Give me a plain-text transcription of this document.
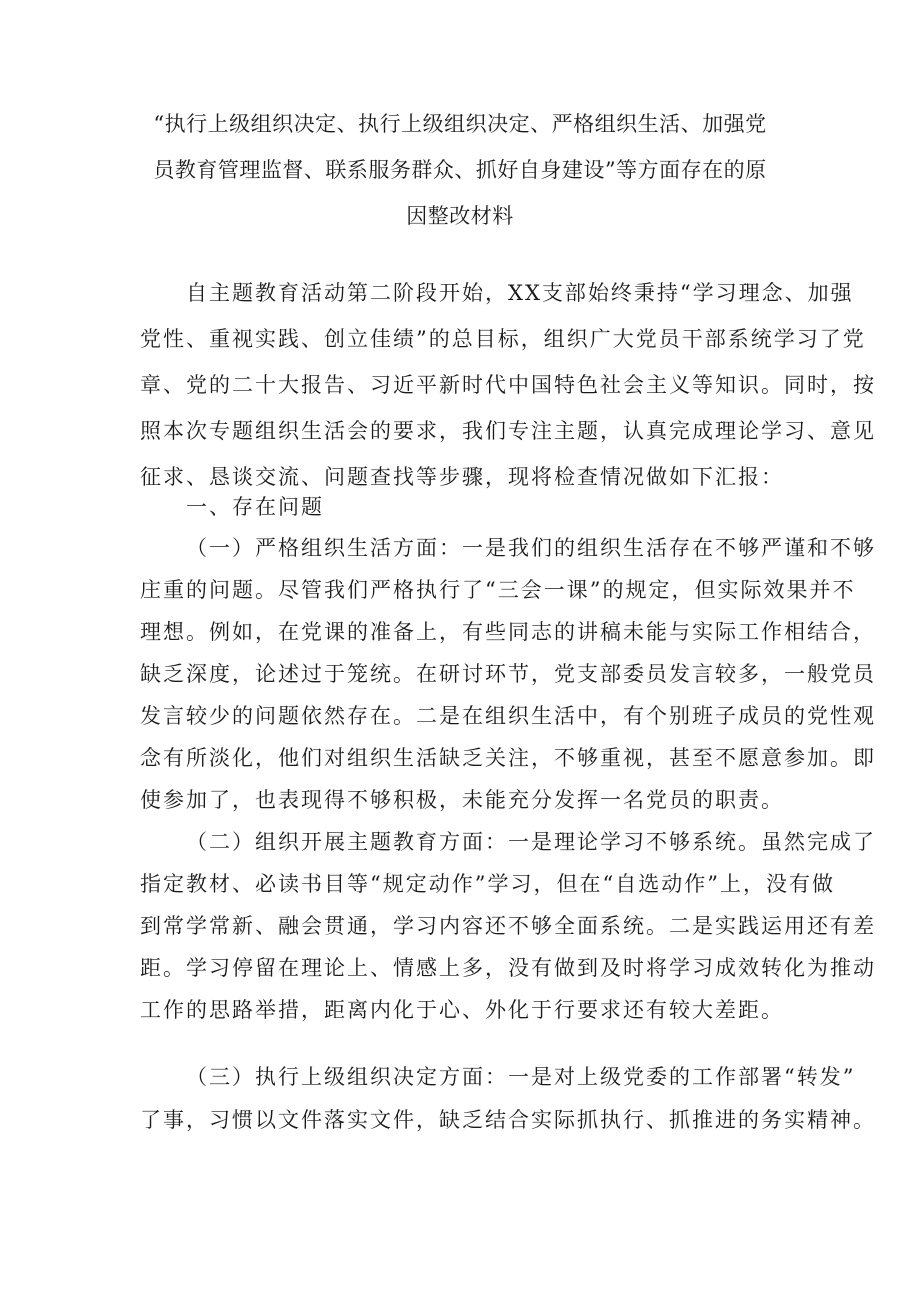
“执行上级组织决定、执行上级组织决定、严格组织生活、加强党
员教育管理监督、联系服务群众、抓好自身建设”等方面存在的原
因整改材料
自主题教育活动第二阶段开始，XX支部始终秉持“学习理念、加强
党性、重视实践、创立佳绩”的总目标，组织广大党员干部系统学习了党
章、党的二十大报告、习近平新时代中国特色社会主义等知识。同时，按
照本次专题组织生活会的要求，我们专注主题，认真完成理论学习、意见
征求、恳谈交流、问题查找等步骤，现将检查情况做如下汇报：
一、存在问题
（一）严格组织生活方面：一是我们的组织生活存在不够严谨和不够
庄重的问题。尽管我们严格执行了“三会一课”的规定，但实际效果并不
理想。例如，在党课的准备上，有些同志的讲稿未能与实际工作相结合，
缺乏深度，论述过于笼统。在研讨环节，党支部委员发言较多，一般党员
发言较少的问题依然存在。二是在组织生活中，有个别班子成员的党性观
念有所淡化，他们对组织生活缺乏关注，不够重视，甚至不愿意参加。即
使参加了，也表现得不够积极，未能充分发挥一名党员的职责。
（二）组织开展主题教育方面：一是理论学习不够系统。虽然完成了
指定教材、必读书目等“规定动作”学习，但在“自选动作”上，没有做
到常学常新、融会贯通，学习内容还不够全面系统。二是实践运用还有差
距。学习停留在理论上、情感上多，没有做到及时将学习成效转化为推动
工作的思路举措，距离内化于心、外化于行要求还有较大差距。
（三）执行上级组织决定方面：一是对上级党委的工作部署“转发”
了事，习惯以文件落实文件，缺乏结合实际抓执行、抓推进的务实精神。
